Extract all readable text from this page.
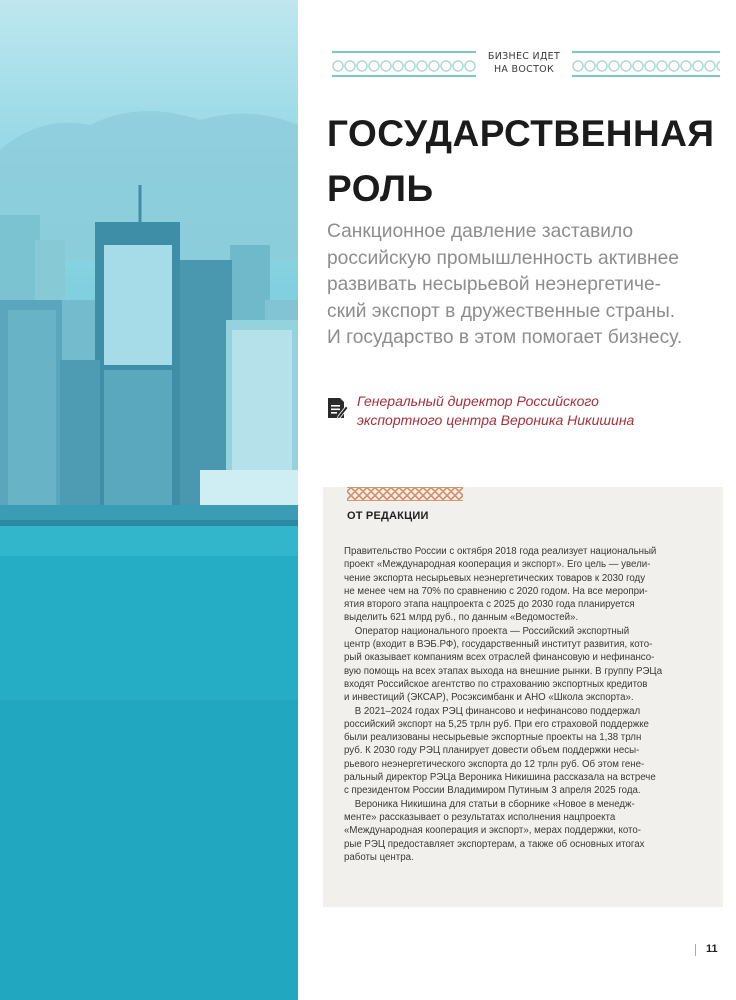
БИЗНЕС ИДЕТ НА ВОСТОК
ГОСУДАРСТВЕННАЯ
РОЛЬ
Санкционное давление заставило
российскую промышленность активнее
развивать несырьевой неэнергетиче-
ский экспорт в дружественные страны.
И государство в этом помогает бизнесу.
Генеральный директор Российского
экспортного центра Вероника Никишина
ОТ РЕДАКЦИИ
Правительство России с октября 2018 года реализует национальный
проект «Международная кооперация и экспорт». Его цель — увели-
чение экспорта несырьевых неэнергетических товаров к 2030 году
не менее чем на 70% по сравнению с 2020 годом. На все меропри-
ятия второго этапа нацпроекта с 2025 до 2030 года планируется
выделить 621 млрд руб., по данным «Ведомостей».
Оператор национального проекта — Российский экспортный
центр (входит в ВЭБ.РФ), государственный институт развития, кото-
рый оказывает компаниям всех отраслей финансовую и нефинансо-
вую помощь на всех этапах выхода на внешние рынки. В группу РЭЦа
входят Российское агентство по страхованию экспортных кредитов
и инвестиций (ЭКСАР), Росэксимбанк и АНО «Школа экспорта».
В 2021–2024 годах РЭЦ финансово и нефинансово поддержал
российский экспорт на 5,25 трлн руб. При его страховой поддержке
были реализованы несырьевые экспортные проекты на 1,38 трлн
руб. К 2030 году РЭЦ планирует довести объем поддержки несы-
рьевого неэнергетического экспорта до 12 трлн руб. Об этом гене-
ральный директор РЭЦа Вероника Никишина рассказала на встрече
с президентом России Владимиром Путиным 3 апреля 2025 года.
Вероника Никишина для статьи в сборнике «Новое в менедж-
менте» рассказывает о результатах исполнения нацпроекта
«Международная кооперация и экспорт», мерах поддержки, кото-
рые РЭЦ предоставляет экспортерам, а также об основных итогах
работы центра.
11
